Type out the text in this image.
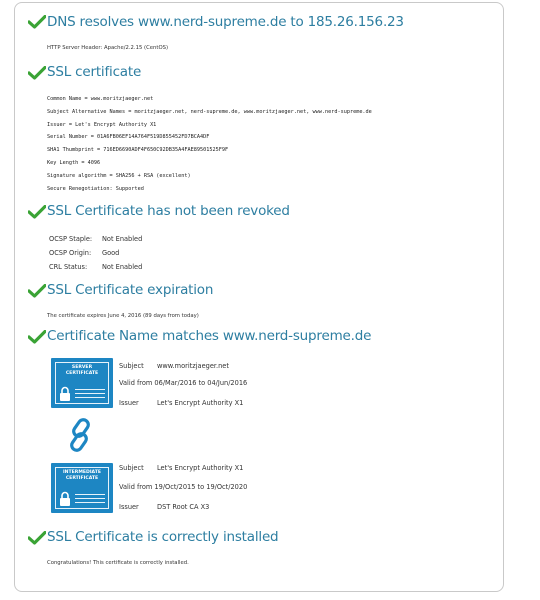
DNS resolves www.nerd-supreme.de to 185.26.156.23
HTTP Server Header: Apache/2.2.15 (CentOS)
SSL certificate
Common Name = www.moritzjaeger.net
Subject Alternative Names = moritzjaeger.net, nerd-supreme.de, www.moritzjaeger.net, www.nerd-supreme.de
Issuer = Let's Encrypt Authority X1
Serial Number = 01A6FB06EF14A764F519D855452FD7BCA4DF
SHA1 Thumbprint = 716ED6690ADF4F650C92DB35A4FAE89501525F9F
Key Length = 4096
Signature algorithm = SHA256 + RSA (excellent)
Secure Renegotiation: Supported
SSL Certificate has not been revoked
OCSP Staple: Not Enabled
OCSP Origin: Good
CRL Status: Not Enabled
SSL Certificate expiration
The certificate expires June 4, 2016 (89 days from today)
Certificate Name matches www.nerd-supreme.de
SERVER
CERTIFICATE
Subject www.moritzjaeger.net
Valid from 06/Mar/2016 to 04/Jun/2016
Issuer	Let's Encrypt Authority X1
INTERMEDIATE
CERTIFICATE
Subject Let's Encrypt Authority X1
Valid from 19/Oct/2015 to 19/Oct/2020
Issuer	DST Root CA X3
SSL Certificate is correctly installed
Congratulations! This certificate is correctly installed.
